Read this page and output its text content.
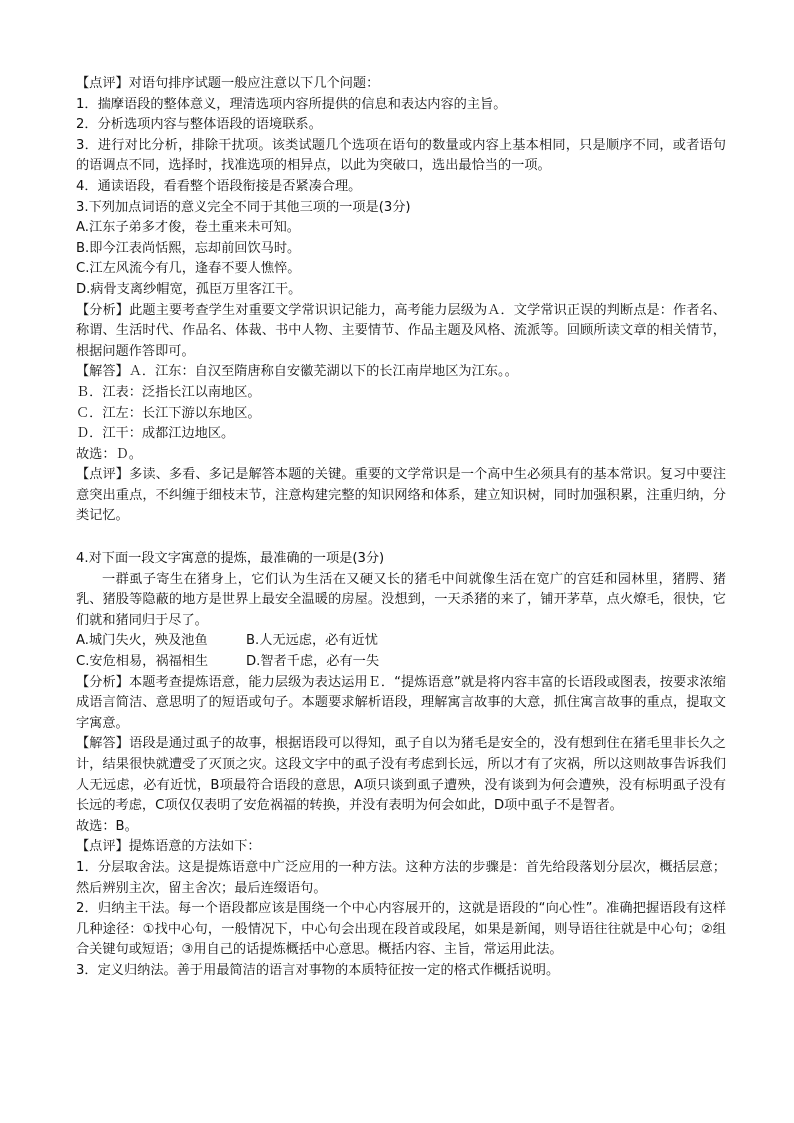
【点评】对语句排序试题一般应注意以下几个问题：
1．揣摩语段的整体意义，理清选项内容所提供的信息和表达内容的主旨。
2．分析选项内容与整体语段的语境联系。
3．进行对比分析，排除干扰项。该类试题几个选项在语句的数量或内容上基本相同，只是顺序不同，或者语句的语调点不同，选择时，找准选项的相异点，以此为突破口，选出最恰当的一项。
4．通读语段，看看整个语段衔接是否紧凑合理。
3.下列加点词语的意义完全不同于其他三项的一项是(3分)
A.江东子弟多才俊，卷土重来未可知。
B.即今江表尚恬熙，忘却前回饮马时。
C.江左风流今有几，逢春不要人憔悴。
D.病骨支离纱帽宽，孤臣万里客江干。
【分析】此题主要考查学生对重要文学常识识记能力，高考能力层级为Ａ．文学常识正误的判断点是：作者名、称谓、生活时代、作品名、体裁、书中人物、主要情节、作品主题及风格、流派等。回顾所读文章的相关情节，根据问题作答即可。
【解答】Ａ．江东：自汉至隋唐称自安徽芜湖以下的长江南岸地区为江东。。
Ｂ．江表：泛指长江以南地区。
Ｃ．江左：长江下游以东地区。
Ｄ．江干：成都江边地区。
故选：Ｄ。
【点评】多读、多看、多记是解答本题的关键。重要的文学常识是一个高中生必须具有的基本常识。复习中要注意突出重点，不纠缠于细枝末节，注意构建完整的知识网络和体系，建立知识树，同时加强积累，注重归纳，分类记忆。
4.对下面一段文字寓意的提炼，最准确的一项是(3分)
一群虱子寄生在猪身上，它们认为生活在又硬又长的猪毛中间就像生活在宽广的宫廷和园林里，猪腭、猪乳、猪股等隐蔽的地方是世界上最安全温暖的房屋。没想到，一天杀猪的来了，铺开茅草，点火燎毛，很快，它们就和猪同归于尽了。
A.城门失火，殃及池鱼	B.人无远虑，必有近忧
C.安危相易，祸福相生	D.智者千虑，必有一失
【分析】本题考查提炼语意，能力层级为表达运用Ｅ．“提炼语意”就是将内容丰富的长语段或图表，按要求浓缩成语言简洁、意思明了的短语或句子。本题要求解析语段，理解寓言故事的大意，抓住寓言故事的重点，提取文字寓意。
【解答】语段是通过虱子的故事，根据语段可以得知，虱子自以为猪毛是安全的，没有想到住在猪毛里非长久之计，结果很快就遭受了灭顶之灾。这段文字中的虱子没有考虑到长远，所以才有了灾祸，所以这则故事告诉我们人无远虑，必有近忧，B项最符合语段的意思，A项只谈到虱子遭殃，没有谈到为何会遭殃，没有标明虱子没有长远的考虑，C项仅仅表明了安危祸福的转换，并没有表明为何会如此，D项中虱子不是智者。
故选：B。
【点评】提炼语意的方法如下：
1．分层取舍法。这是提炼语意中广泛应用的一种方法。这种方法的步骤是：首先给段落划分层次，概括层意；然后辨别主次，留主舍次；最后连缀语句。
2．归纳主干法。每一个语段都应该是围绕一个中心内容展开的，这就是语段的“向心性”。准确把握语段有这样几种途径：①找中心句，一般情况下，中心句会出现在段首或段尾，如果是新闻，则导语往往就是中心句；②组合关键句或短语；③用自己的话提炼概括中心意思。概括内容、主旨，常运用此法。
3．定义归纳法。善于用最简洁的语言对事物的本质特征按一定的格式作概括说明。
